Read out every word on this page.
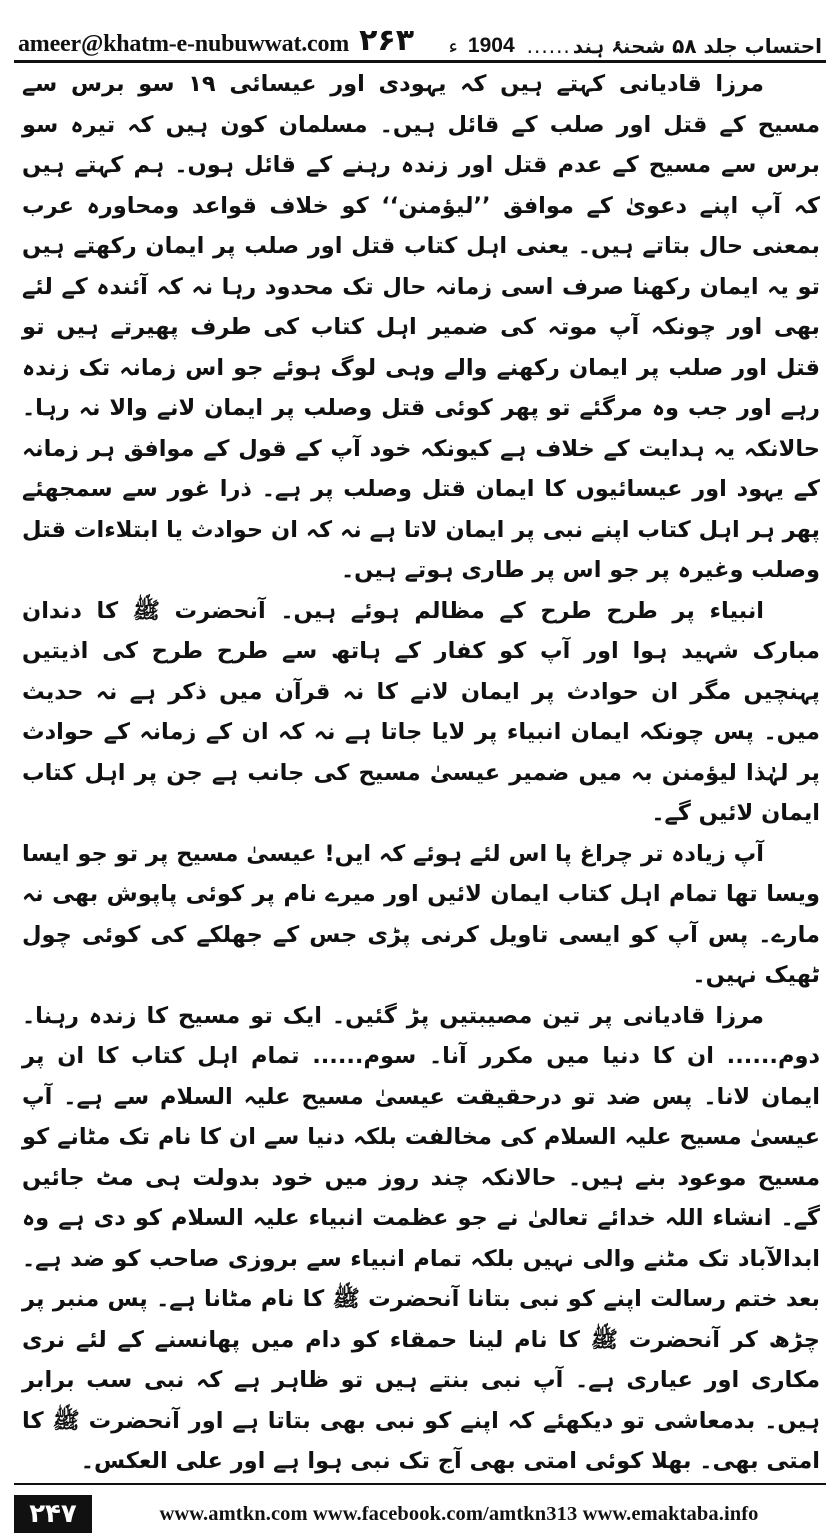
ameer@khatm-e-nubuwwat.com ۲۶۳	احتساب جلد ۵۸ شحنۂ ہند
......
1904
ء

مرزا قادیانی کہتے ہیں کہ یہودی اور عیسائی ۱۹ سو برس سے مسیح کے قتل اور صلب کے قائل ہیں۔ مسلمان کون ہیں کہ تیرہ سو برس سے مسیح کے عدم قتل اور زندہ رہنے کے قائل ہوں۔ ہم کہتے ہیں کہ آپ اپنے دعویٰ کے موافق ’’لیؤمنن‘‘ کو خلاف قواعد ومحاورہ عرب بمعنی حال بتاتے ہیں۔ یعنی اہل کتاب قتل اور صلب پر ایمان رکھتے ہیں تو یہ ایمان رکھنا صرف اسی زمانہ حال تک محدود رہا نہ کہ آئندہ کے لئے بھی اور چونکہ آپ موتہ کی ضمیر اہل کتاب کی طرف پھیرتے ہیں تو قتل اور صلب پر ایمان رکھنے والے وہی لوگ ہوئے جو اس زمانہ تک زندہ رہے اور جب وہ مرگئے تو پھر کوئی قتل وصلب پر ایمان لانے والا نہ رہا۔ حالانکہ یہ ہدایت کے خلاف ہے کیونکہ خود آپ کے قول کے موافق ہر زمانہ کے یہود اور عیسائیوں کا ایمان قتل وصلب پر ہے۔ ذرا غور سے سمجھئے پھر ہر اہل کتاب اپنے نبی پر ایمان لاتا ہے نہ کہ ان حوادث یا ابتلاءات قتل وصلب وغیرہ پر جو اس پر طاری ہوتے ہیں۔

انبیاء پر طرح طرح کے مظالم ہوئے ہیں۔ آنحضرت ﷺ کا دندان مبارک شہید ہوا اور آپ کو کفار کے ہاتھ سے طرح طرح کی اذیتیں پہنچیں مگر ان حوادث پر ایمان لانے کا نہ قرآن میں ذکر ہے نہ حدیث میں۔ پس چونکہ ایمان انبیاء پر لایا جاتا ہے نہ کہ ان کے زمانہ کے حوادث پر لہٰذا لیؤمنن بہ میں ضمیر عیسیٰ مسیح کی جانب ہے جن پر اہل کتاب ایمان لائیں گے۔

آپ زیادہ تر چراغ پا اس لئے ہوئے کہ ایں! عیسیٰ مسیح پر تو جو ایسا ویسا تھا تمام اہل کتاب ایمان لائیں اور میرے نام پر کوئی پاپوش بھی نہ مارے۔ پس آپ کو ایسی تاویل کرنی پڑی جس کے جھلکے کی کوئی چول ٹھیک نہیں۔

مرزا قادیانی پر تین مصیبتیں پڑ گئیں۔ ایک تو مسیح کا زندہ رہنا۔ دوم...... ان کا دنیا میں مکرر آنا۔ سوم...... تمام اہل کتاب کا ان پر ایمان لانا۔ پس ضد تو درحقیقت عیسیٰ مسیح علیہ السلام سے ہے۔ آپ عیسیٰ مسیح علیہ السلام کی مخالفت بلکہ دنیا سے ان کا نام تک مٹانے کو مسیح موعود بنے ہیں۔ حالانکہ چند روز میں خود بدولت ہی مٹ جائیں گے۔ انشاء اللہ خدائے تعالیٰ نے جو عظمت انبیاء علیہ السلام کو دی ہے وہ ابدالآباد تک مٹنے والی نہیں بلکہ تمام انبیاء سے بروزی صاحب کو ضد ہے۔ بعد ختم رسالت اپنے کو نبی بتانا آنحضرت ﷺ کا نام مٹانا ہے۔ پس منبر پر چڑھ کر آنحضرت ﷺ کا نام لینا حمقاء کو دام میں پھانسنے کے لئے نری مکاری اور عیاری ہے۔ آپ نبی بنتے ہیں تو ظاہر ہے کہ نبی سب برابر ہیں۔ بدمعاشی تو دیکھئے کہ اپنے کو نبی بھی بتاتا ہے اور آنحضرت ﷺ کا امتی بھی۔ بھلا کوئی امتی بھی آج تک نبی ہوا ہے اور علی العکس۔

۲۴۷	www.amtkn.com www.facebook.com/amtkn313 www.emaktaba.info
